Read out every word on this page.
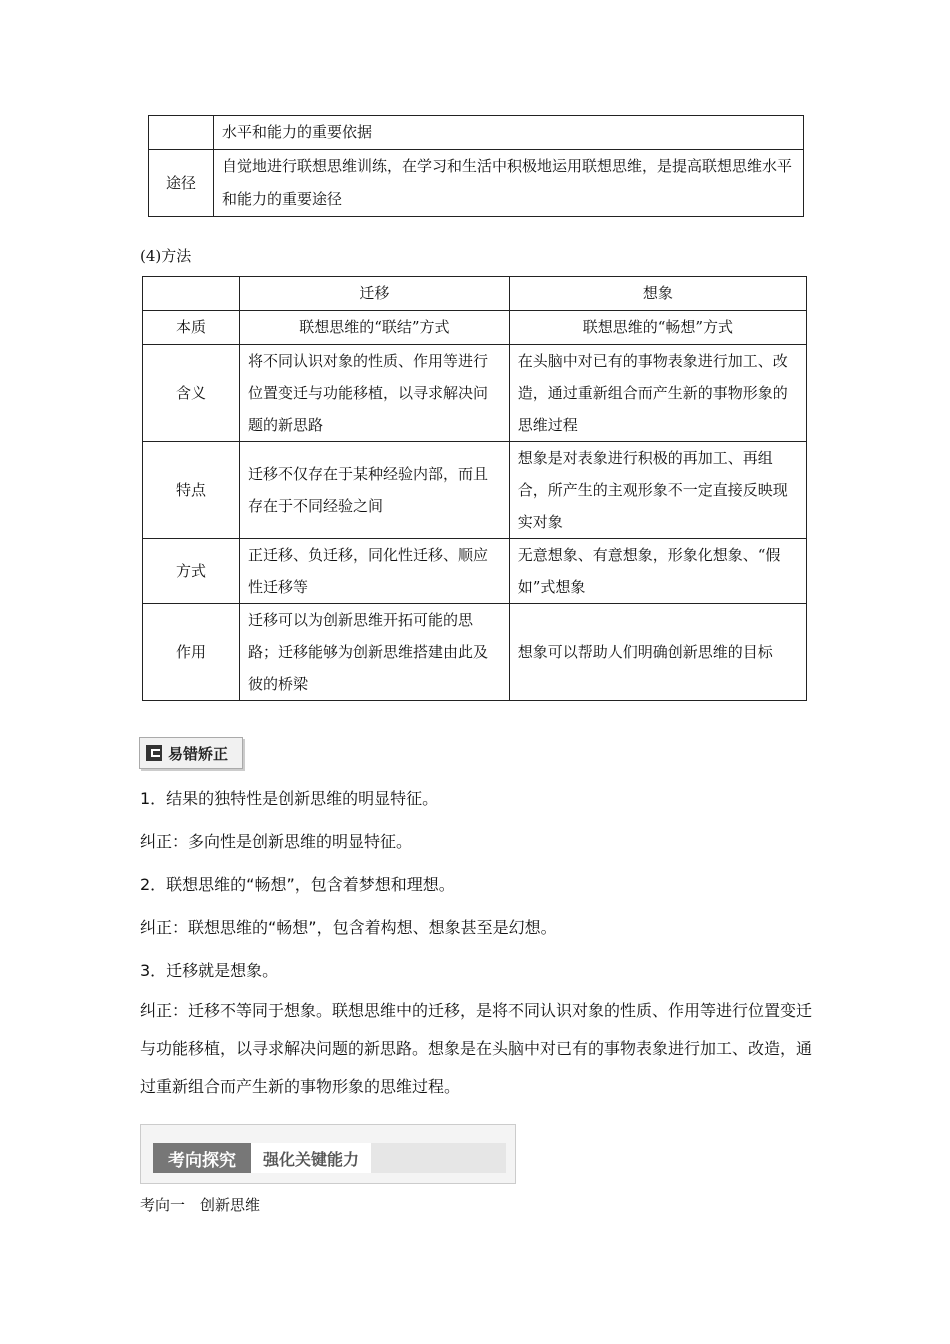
	水平和能力的重要依据
途径	自觉地进行联想思维训练，在学习和生活中积极地运用联想思维，是提高联想思维水平和能力的重要途径
(4)方法
	迁移	想象
本质	联想思维的“联结”方式	联想思维的“畅想”方式
含义	将不同认识对象的性质、作用等进行位置变迁与功能移植，以寻求解决问题的新思路	在头脑中对已有的事物表象进行加工、改造，通过重新组合而产生新的事物形象的思维过程
特点	迁移不仅存在于某种经验内部，而且存在于不同经验之间	想象是对表象进行积极的再加工、再组合，所产生的主观形象不一定直接反映现实对象
方式	正迁移、负迁移，同化性迁移、顺应性迁移等	无意想象、有意想象，形象化想象、“假如”式想象
作用	迁移可以为创新思维开拓可能的思路；迁移能够为创新思维搭建由此及彼的桥梁	想象可以帮助人们明确创新思维的目标
易错矫正
1．结果的独特性是创新思维的明显特征。
纠正：多向性是创新思维的明显特征。
2．联想思维的“畅想”，包含着梦想和理想。
纠正：联想思维的“畅想”，包含着构想、想象甚至是幻想。
3．迁移就是想象。
纠正：迁移不等同于想象。联想思维中的迁移，是将不同认识对象的性质、作用等进行位置变迁与功能移植，以寻求解决问题的新思路。想象是在头脑中对已有的事物表象进行加工、改造，通过重新组合而产生新的事物形象的思维过程。
考向探究	强化关键能力
考向一　创新思维
